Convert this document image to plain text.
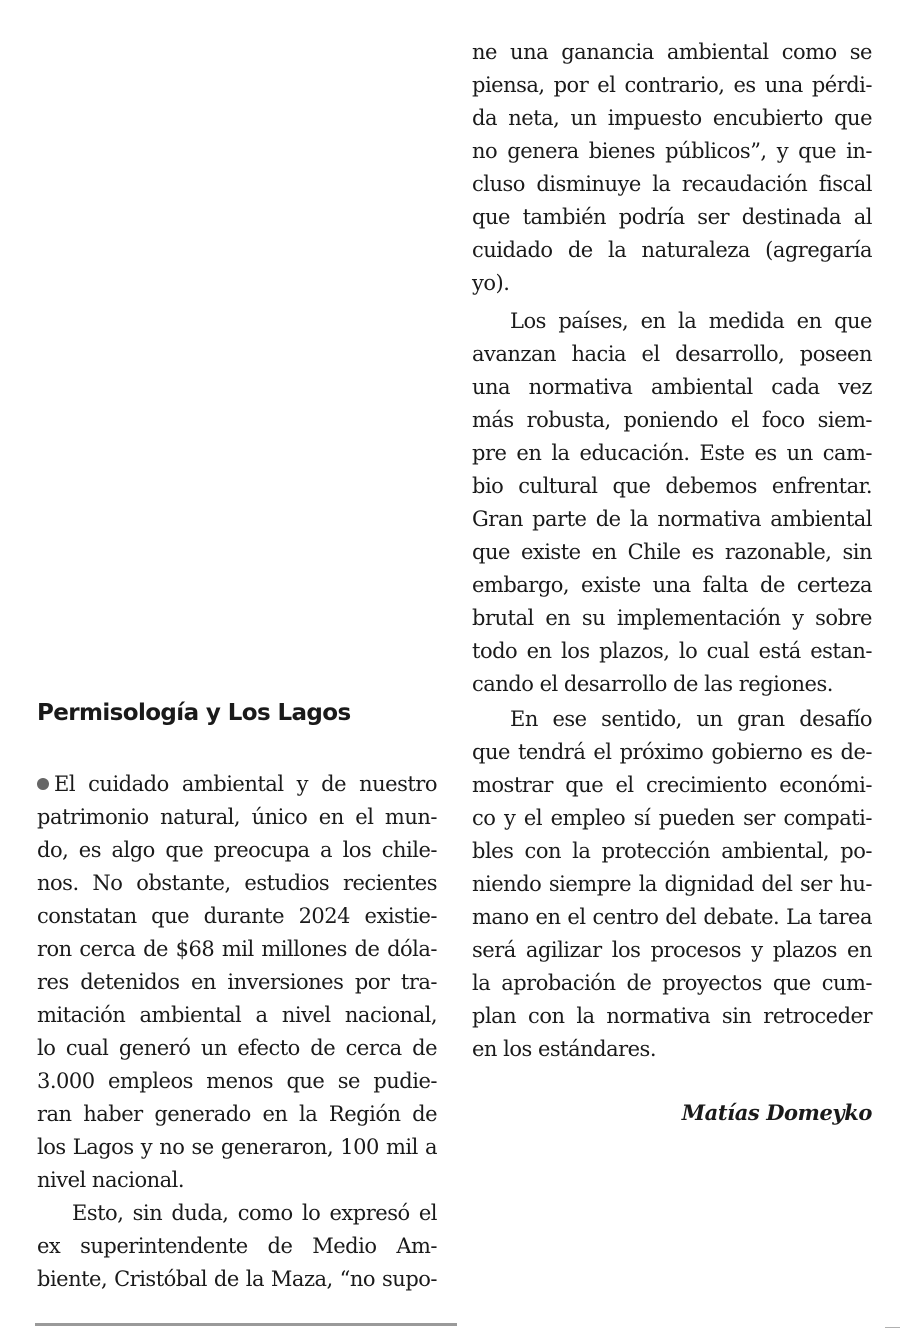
Permisología y Los Lagos
El cuidado ambiental y de nuestro
patrimonio natural, único en el mun-
do, es algo que preocupa a los chile-
nos. No obstante, estudios recientes
constatan que durante 2024 existie-
ron cerca de $68 mil millones de dóla-
res detenidos en inversiones por tra-
mitación ambiental a nivel nacional,
lo cual generó un efecto de cerca de
3.000 empleos menos que se pudie-
ran haber generado en la Región de
los Lagos y no se generaron, 100 mil a
nivel nacional.
Esto, sin duda, como lo expresó el
ex superintendente de Medio Am-
biente, Cristóbal de la Maza, “no supo-
ne una ganancia ambiental como se
piensa, por el contrario, es una pérdi-
da neta, un impuesto encubierto que
no genera bienes públicos”, y que in-
cluso disminuye la recaudación fiscal
que también podría ser destinada al
cuidado de la naturaleza (agregaría
yo).
Los países, en la medida en que
avanzan hacia el desarrollo, poseen
una normativa ambiental cada vez
más robusta, poniendo el foco siem-
pre en la educación. Este es un cam-
bio cultural que debemos enfrentar.
Gran parte de la normativa ambiental
que existe en Chile es razonable, sin
embargo, existe una falta de certeza
brutal en su implementación y sobre
todo en los plazos, lo cual está estan-
cando el desarrollo de las regiones.
En ese sentido, un gran desafío
que tendrá el próximo gobierno es de-
mostrar que el crecimiento económi-
co y el empleo sí pueden ser compati-
bles con la protección ambiental, po-
niendo siempre la dignidad del ser hu-
mano en el centro del debate. La tarea
será agilizar los procesos y plazos en
la aprobación de proyectos que cum-
plan con la normativa sin retroceder
en los estándares.
Matías Domeyko
